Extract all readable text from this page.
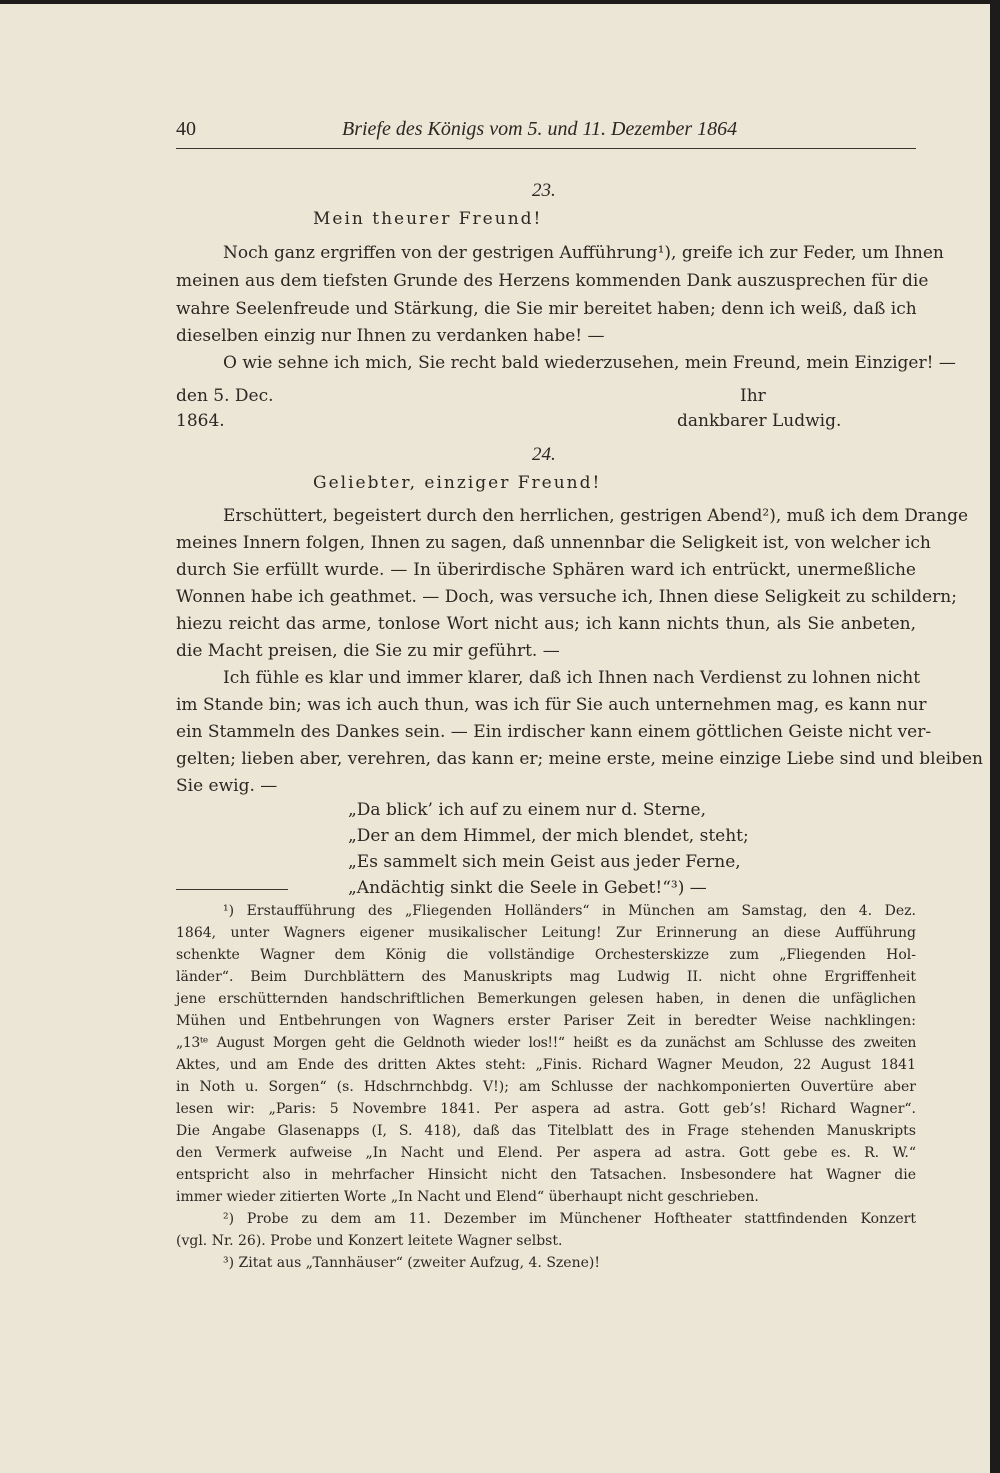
40	Briefe des Königs vom 5. und 11. Dezember 1864
23.
Mein theurer Freund!
Noch ganz ergriffen von der gestrigen Aufführung¹), greife ich zur Feder, um Ihnen
meinen aus dem tiefsten Grunde des Herzens kommenden Dank auszusprechen für die
wahre Seelenfreude und Stärkung, die Sie mir bereitet haben; denn ich weiß, daß ich
dieselben einzig nur Ihnen zu verdanken habe! —
O wie sehne ich mich, Sie recht bald wiederzusehen, mein Freund, mein Einziger! —
den 5. Dec.
1864.
Ihr
dankbarer Ludwig.
24.
Geliebter, einziger Freund!
Erschüttert, begeistert durch den herrlichen, gestrigen Abend²), muß ich dem Drange
meines Innern folgen, Ihnen zu sagen, daß unnennbar die Seligkeit ist, von welcher ich
durch Sie erfüllt wurde. — In überirdische Sphären ward ich entrückt, unermeßliche
Wonnen habe ich geathmet. — Doch, was versuche ich, Ihnen diese Seligkeit zu schildern;
hiezu reicht das arme, tonlose Wort nicht aus; ich kann nichts thun, als Sie anbeten,
die Macht preisen, die Sie zu mir geführt. —
Ich fühle es klar und immer klarer, daß ich Ihnen nach Verdienst zu lohnen nicht
im Stande bin; was ich auch thun, was ich für Sie auch unternehmen mag, es kann nur
ein Stammeln des Dankes sein. — Ein irdischer kann einem göttlichen Geiste nicht ver-
gelten; lieben aber, verehren, das kann er; meine erste, meine einzige Liebe sind und bleiben
Sie ewig. —
„Da blick’ ich auf zu einem nur d. Sterne,
„Der an dem Himmel, der mich blendet, steht;
„Es sammelt sich mein Geist aus jeder Ferne,
„Andächtig sinkt die Seele in Gebet!“³) —
¹) Erstaufführung des „Fliegenden Holländers“ in München am Samstag, den 4. Dez.
1864, unter Wagners eigener musikalischer Leitung! Zur Erinnerung an diese Aufführung
schenkte Wagner dem König die vollständige Orchesterskizze zum „Fliegenden Hol-
länder“. Beim Durchblättern des Manuskripts mag Ludwig II. nicht ohne Ergriffenheit
jene erschütternden handschriftlichen Bemerkungen gelesen haben, in denen die unfäglichen
Mühen und Entbehrungen von Wagners erster Pariser Zeit in beredter Weise nachklingen:
„13ᵗᵉ August Morgen geht die Geldnoth wieder los!!“ heißt es da zunächst am Schlusse des zweiten
Aktes, und am Ende des dritten Aktes steht: „Finis. Richard Wagner Meudon, 22 August 1841
in Noth u. Sorgen“ (s. Hdschrnchbdg. V!); am Schlusse der nachkomponierten Ouvertüre aber
lesen wir: „Paris: 5 Novembre 1841. Per aspera ad astra. Gott geb’s! Richard Wagner“.
Die Angabe Glasenapps (I, S. 418), daß das Titelblatt des in Frage stehenden Manuskripts
den Vermerk aufweise „In Nacht und Elend. Per aspera ad astra. Gott gebe es. R. W.“
entspricht also in mehrfacher Hinsicht nicht den Tatsachen. Insbesondere hat Wagner die
immer wieder zitierten Worte „In Nacht und Elend“ überhaupt nicht geschrieben.
²) Probe zu dem am 11. Dezember im Münchener Hoftheater stattfindenden Konzert
(vgl. Nr. 26). Probe und Konzert leitete Wagner selbst.
³) Zitat aus „Tannhäuser“ (zweiter Aufzug, 4. Szene)!
